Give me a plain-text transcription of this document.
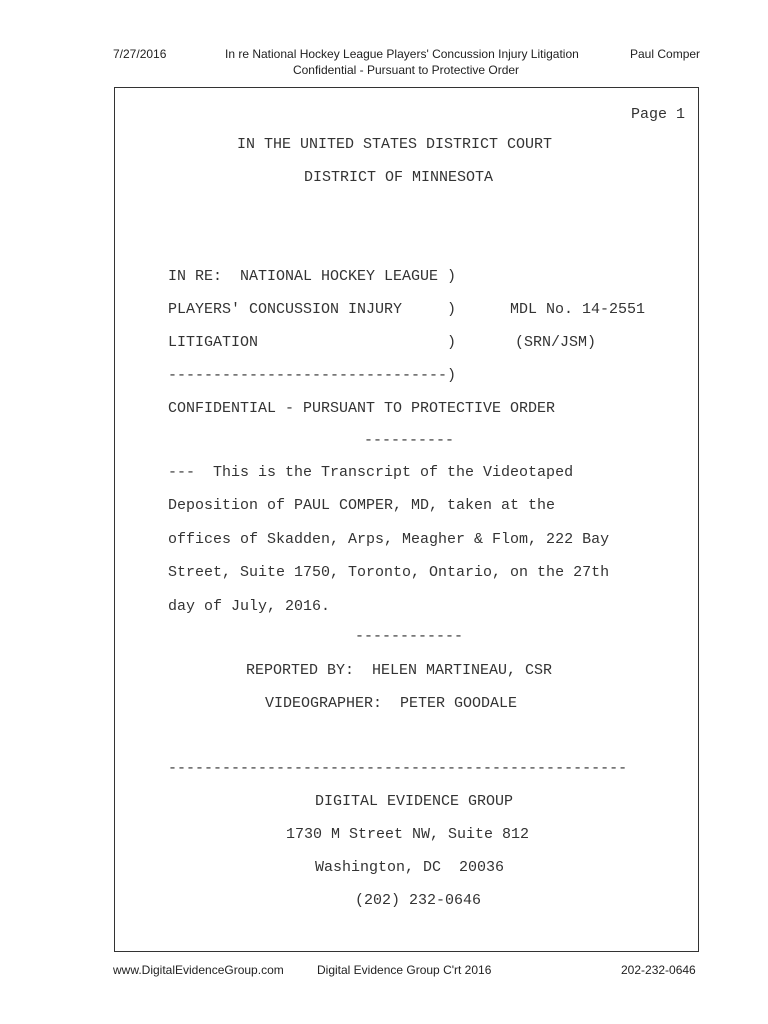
7/27/2016	In re National Hockey League Players' Concussion Injury Litigation	Paul Comper
Confidential - Pursuant to Protective Order
Page 1
IN THE UNITED STATES DISTRICT COURT
DISTRICT OF MINNESOTA
IN RE:  NATIONAL HOCKEY LEAGUE )
PLAYERS' CONCUSSION INJURY     )	MDL No. 14-2551
LITIGATION                     )	(SRN/JSM)
-------------------------------)
CONFIDENTIAL - PURSUANT TO PROTECTIVE ORDER
----------
---  This is the Transcript of the Videotaped
Deposition of PAUL COMPER, MD, taken at the
offices of Skadden, Arps, Meagher & Flom, 222 Bay
Street, Suite 1750, Toronto, Ontario, on the 27th
day of July, 2016.
------------
REPORTED BY:  HELEN MARTINEAU, CSR
VIDEOGRAPHER:  PETER GOODALE
---------------------------------------------------
DIGITAL EVIDENCE GROUP
1730 M Street NW, Suite 812
Washington, DC  20036
(202) 232-0646
www.DigitalEvidenceGroup.com	Digital Evidence Group C'rt 2016	202-232-0646
